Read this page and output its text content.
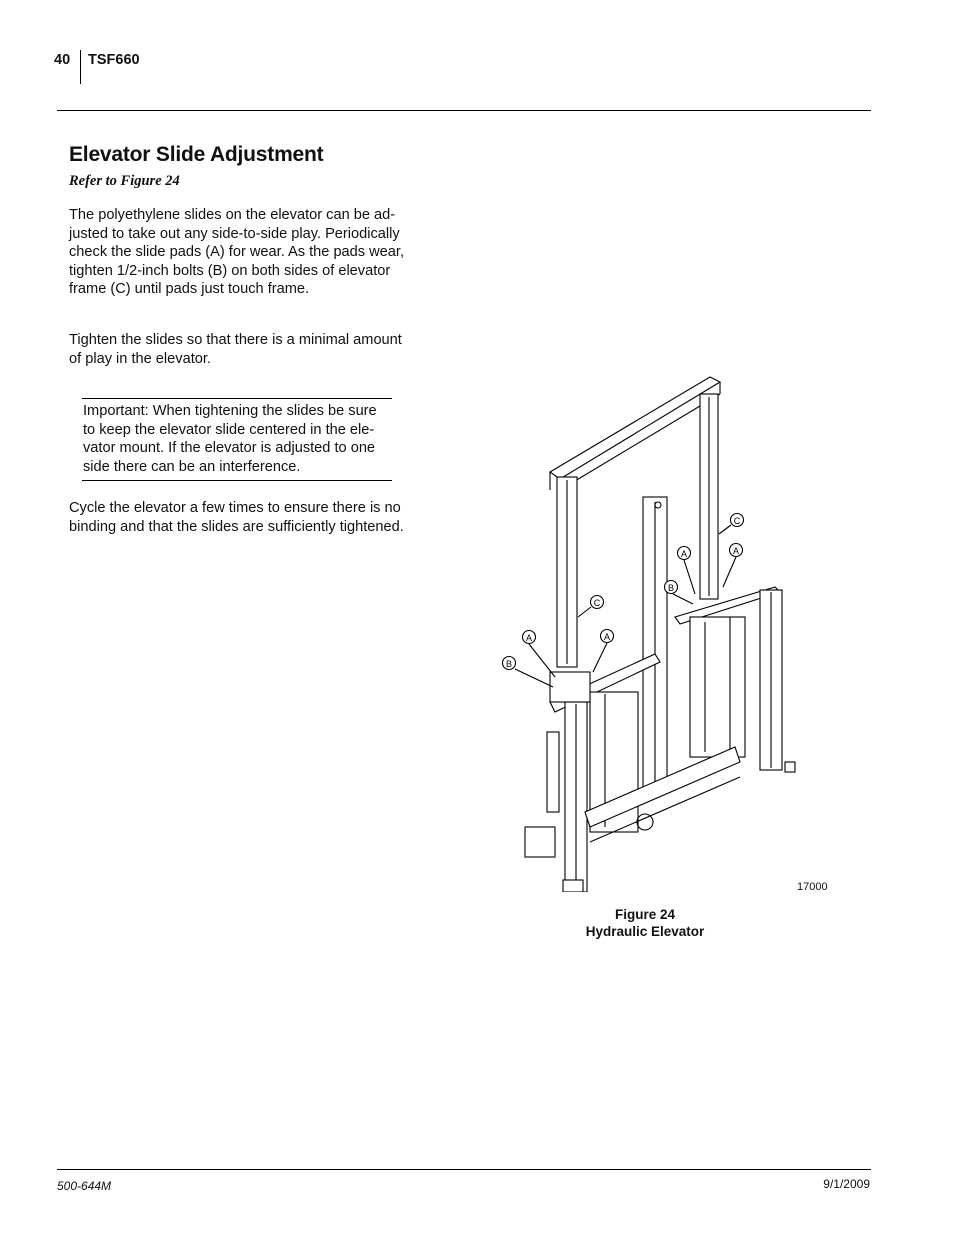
40 TSF660
Elevator Slide Adjustment
Refer to Figure 24

The polyethylene slides on the elevator can be ad- justed to take out any side-to-side play. Periodically check the slide pads (A) for wear. As the pads wear, tighten 1/2-inch bolts (B) on both sides of elevator frame (C) until pads just touch frame.

Tighten the slides so that there is a minimal amount of play in the elevator.

Important: When tightening the slides be sure to keep the elevator slide centered in the ele- vator mount. If the elevator is adjusted to one side there can be an interference.

Cycle the elevator a few times to ensure there is no binding and that the slides are sufficiently tightened.

A	A
B
C
A	A
B
C
17000
Figure 24
Hydraulic Elevator
500-644M	9/1/2009
